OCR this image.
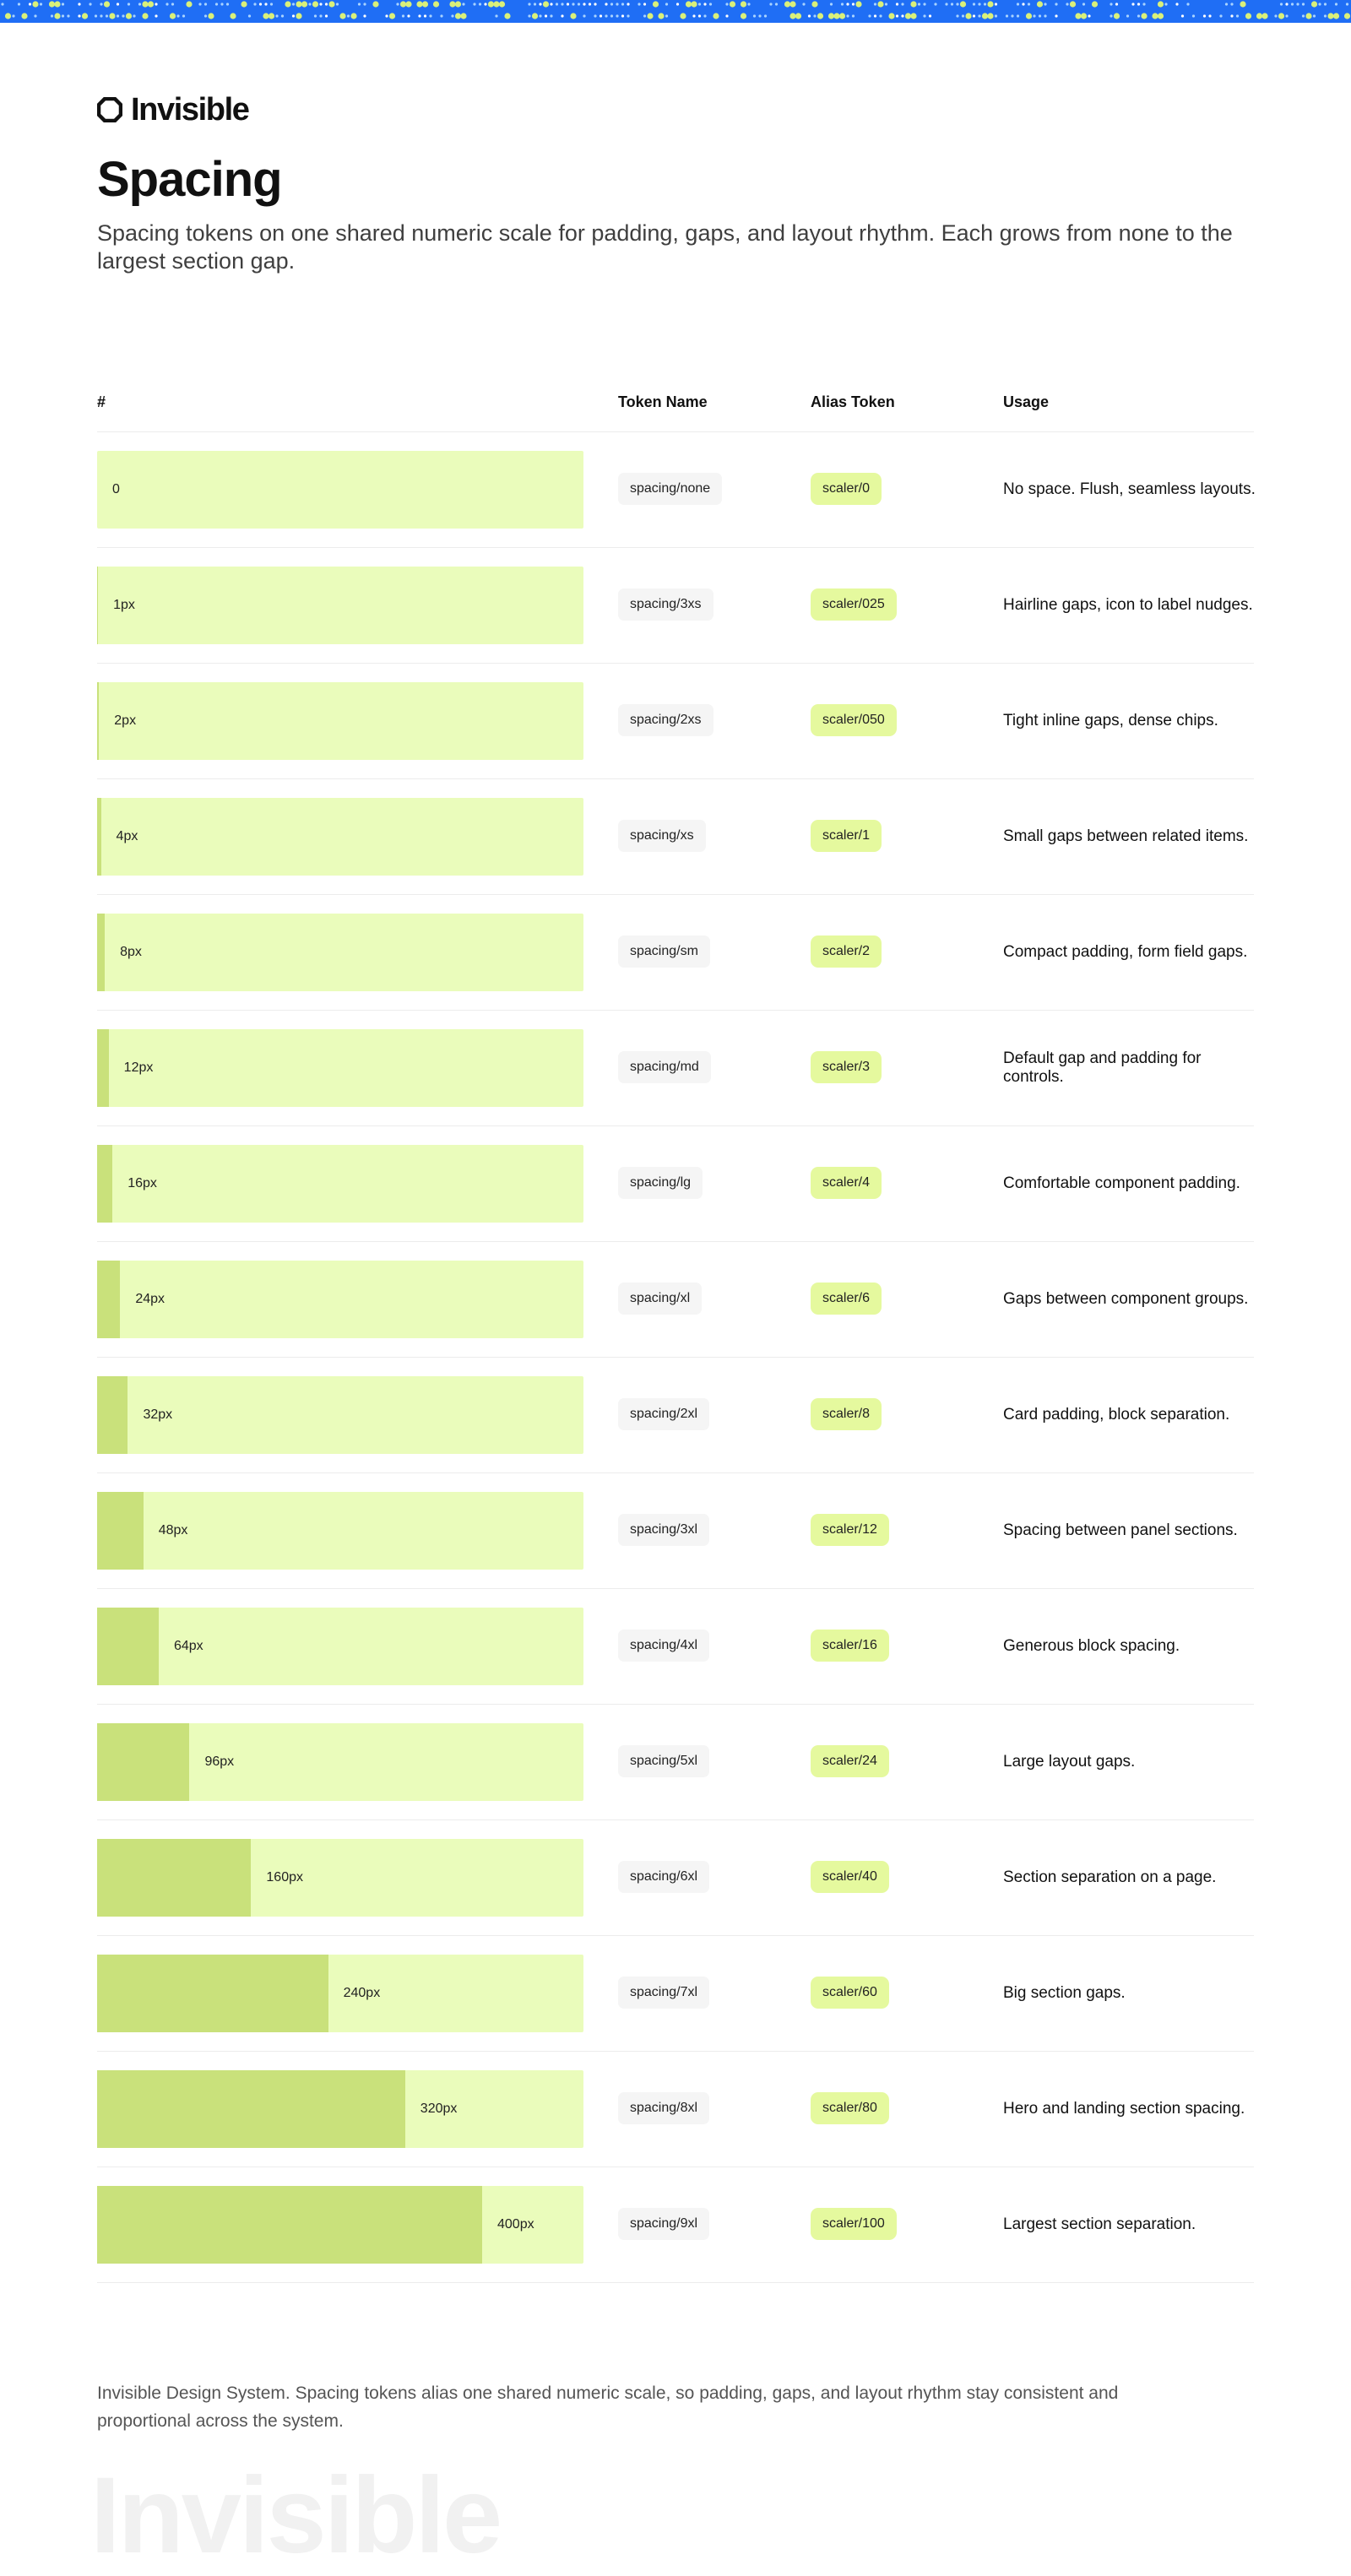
Invisible
Spacing

Spacing tokens on one shared numeric scale for padding, gaps, and layout rhythm. Each grows from none to the largest section gap.

#	Token Name	Alias Token	Usage
0	spacing/none	scaler/0	No space. Flush, seamless layouts.
1px	spacing/3xs	scaler/025	Hairline gaps, icon to label nudges.
2px	spacing/2xs	scaler/050	Tight inline gaps, dense chips.
4px	spacing/xs	scaler/1	Small gaps between related items.
8px	spacing/sm	scaler/2	Compact padding, form field gaps.
12px	spacing/md	scaler/3	Default gap and padding for controls.
16px	spacing/lg	scaler/4	Comfortable component padding.
24px	spacing/xl	scaler/6	Gaps between component groups.
32px	spacing/2xl	scaler/8	Card padding, block separation.
48px	spacing/3xl	scaler/12	Spacing between panel sections.
64px	spacing/4xl	scaler/16	Generous block spacing.
96px	spacing/5xl	scaler/24	Large layout gaps.
160px	spacing/6xl	scaler/40	Section separation on a page.
240px	spacing/7xl	scaler/60	Big section gaps.
320px	spacing/8xl	scaler/80	Hero and landing section spacing.
400px	spacing/9xl	scaler/100	Largest section separation.

Invisible Design System. Spacing tokens alias one shared numeric scale, so padding, gaps, and layout rhythm stay consistent and proportional across the system.

Invisible
